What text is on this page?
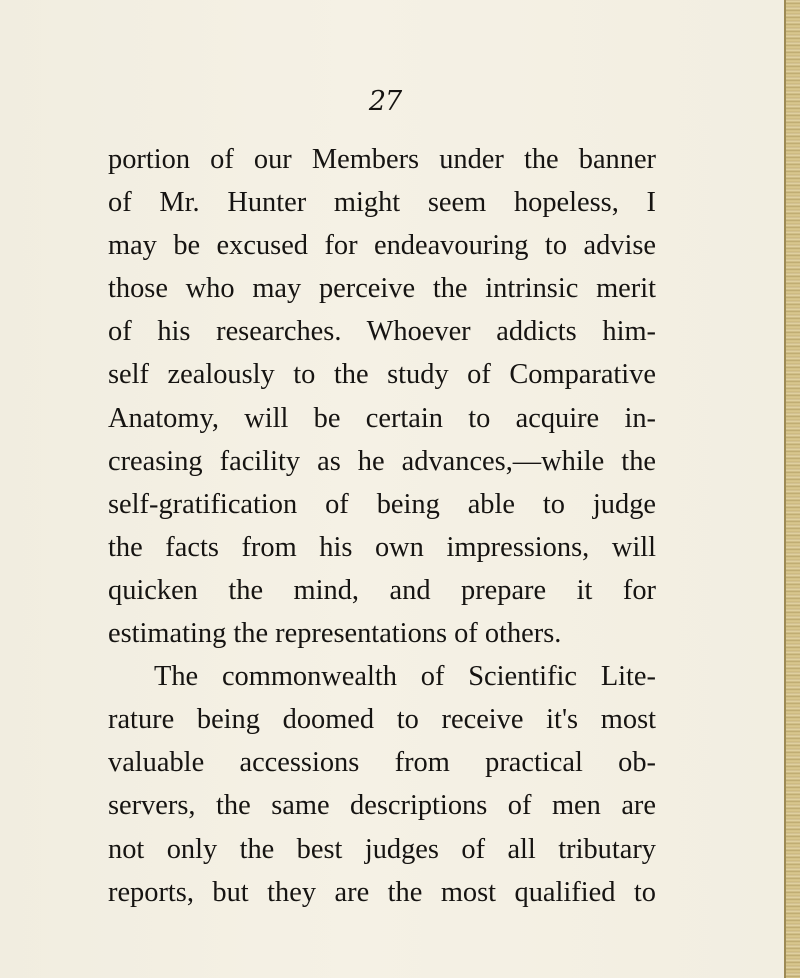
27
portion of our Members under the banner
of Mr. Hunter might seem hopeless, I
may be excused for endeavouring to advise
those who may perceive the intrinsic merit
of his researches. Whoever addicts him-
self zealously to the study of Comparative
Anatomy, will be certain to acquire in-
creasing facility as he advances,—while the
self-gratification of being able to judge
the facts from his own impressions, will
quicken the mind, and prepare it for
estimating the representations of others.
The commonwealth of Scientific Lite-
rature being doomed to receive it's most
valuable accessions from practical ob-
servers, the same descriptions of men are
not only the best judges of all tributary
reports, but they are the most qualified to
